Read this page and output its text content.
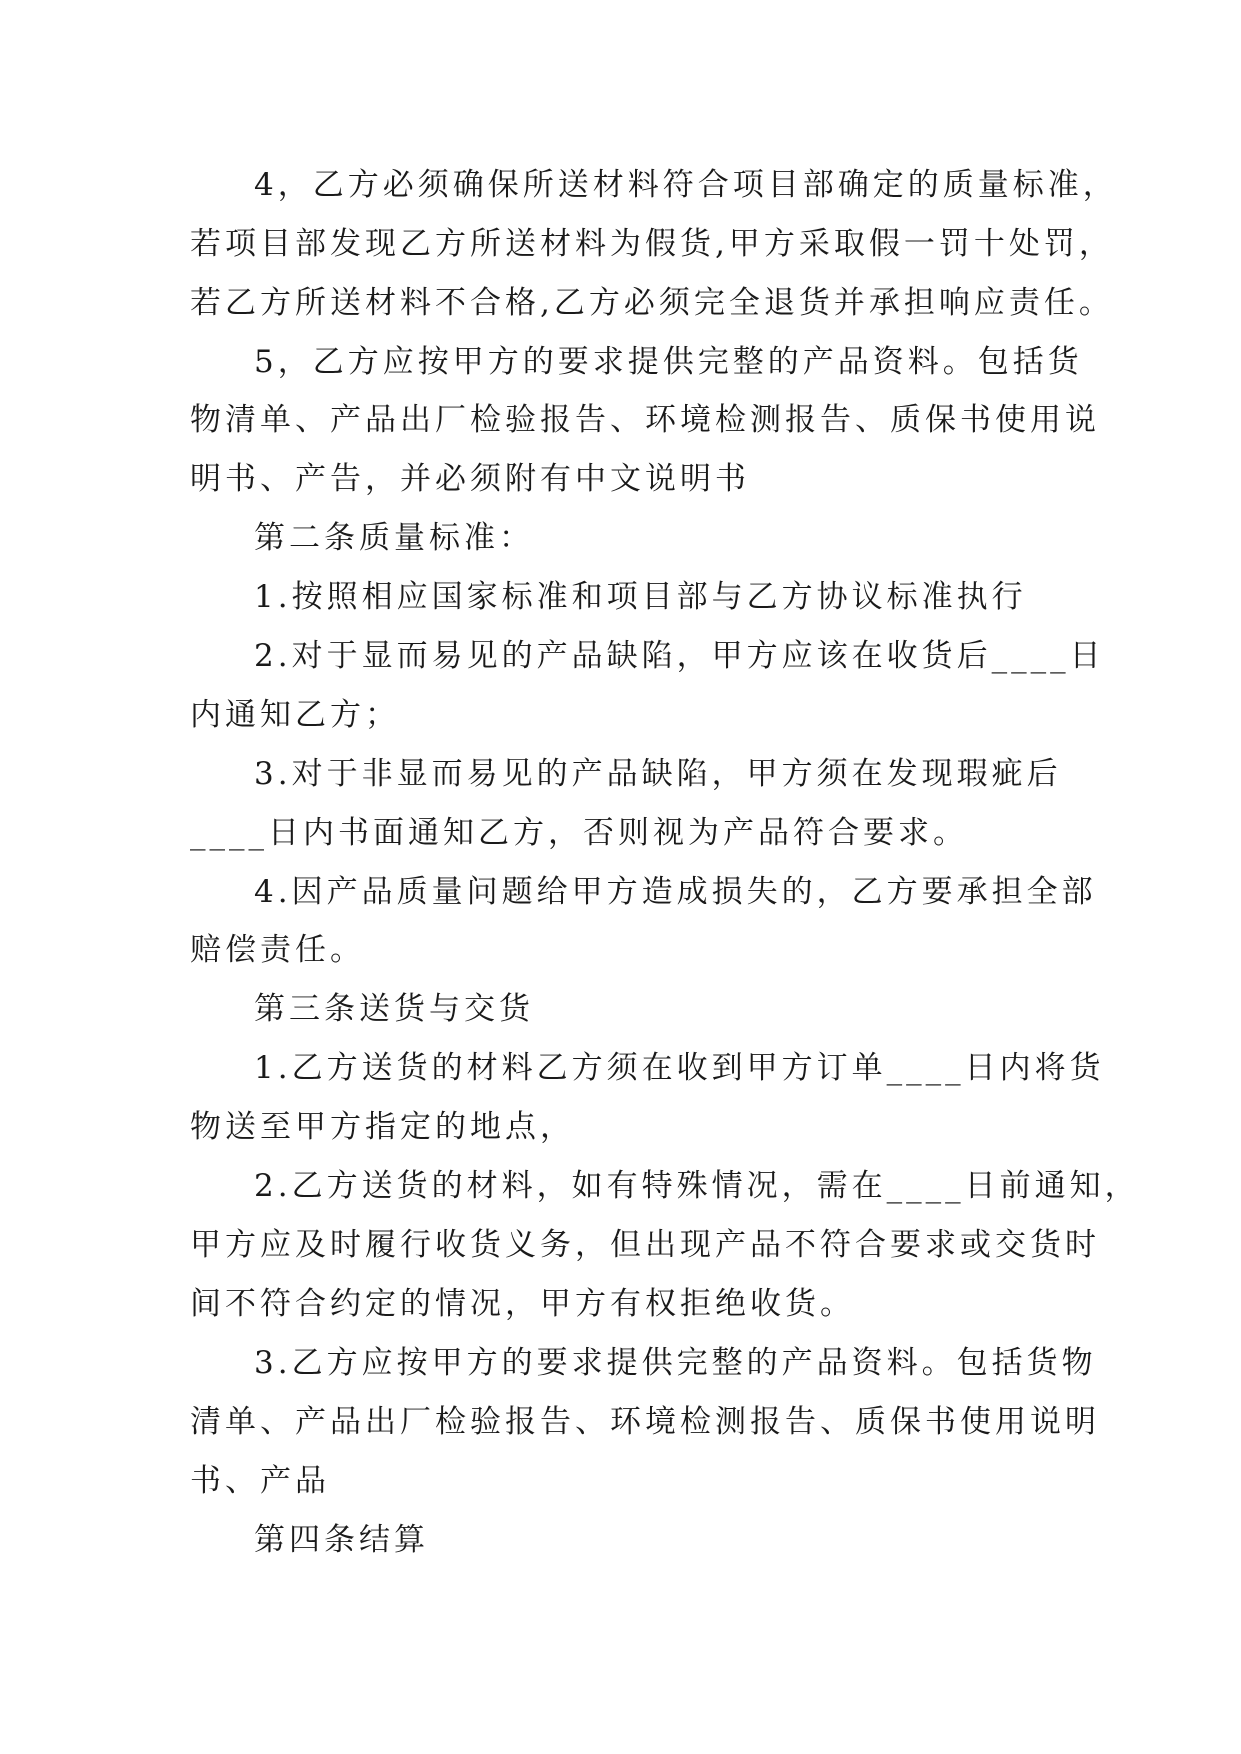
4，乙方必须确保所送材料符合项目部确定的质量标准，
若项目部发现乙方所送材料为假货,甲方采取假一罚十处罚，
若乙方所送材料不合格,乙方必须完全退货并承担响应责任。
5，乙方应按甲方的要求提供完整的产品资料。包括货
物清单、产品出厂检验报告、环境检测报告、质保书使用说
明书、产告，并必须附有中文说明书
第二条质量标准：
1.按照相应国家标准和项目部与乙方协议标准执行
2.对于显而易见的产品缺陷，甲方应该在收货后____日
内通知乙方；
3.对于非显而易见的产品缺陷，甲方须在发现瑕疵后
____日内书面通知乙方，否则视为产品符合要求。
4.因产品质量问题给甲方造成损失的，乙方要承担全部
赔偿责任。
第三条送货与交货
1.乙方送货的材料乙方须在收到甲方订单____日内将货
物送至甲方指定的地点，
2.乙方送货的材料，如有特殊情况，需在____日前通知，
甲方应及时履行收货义务，但出现产品不符合要求或交货时
间不符合约定的情况，甲方有权拒绝收货。
3.乙方应按甲方的要求提供完整的产品资料。包括货物
清单、产品出厂检验报告、环境检测报告、质保书使用说明
书、产品
第四条结算
